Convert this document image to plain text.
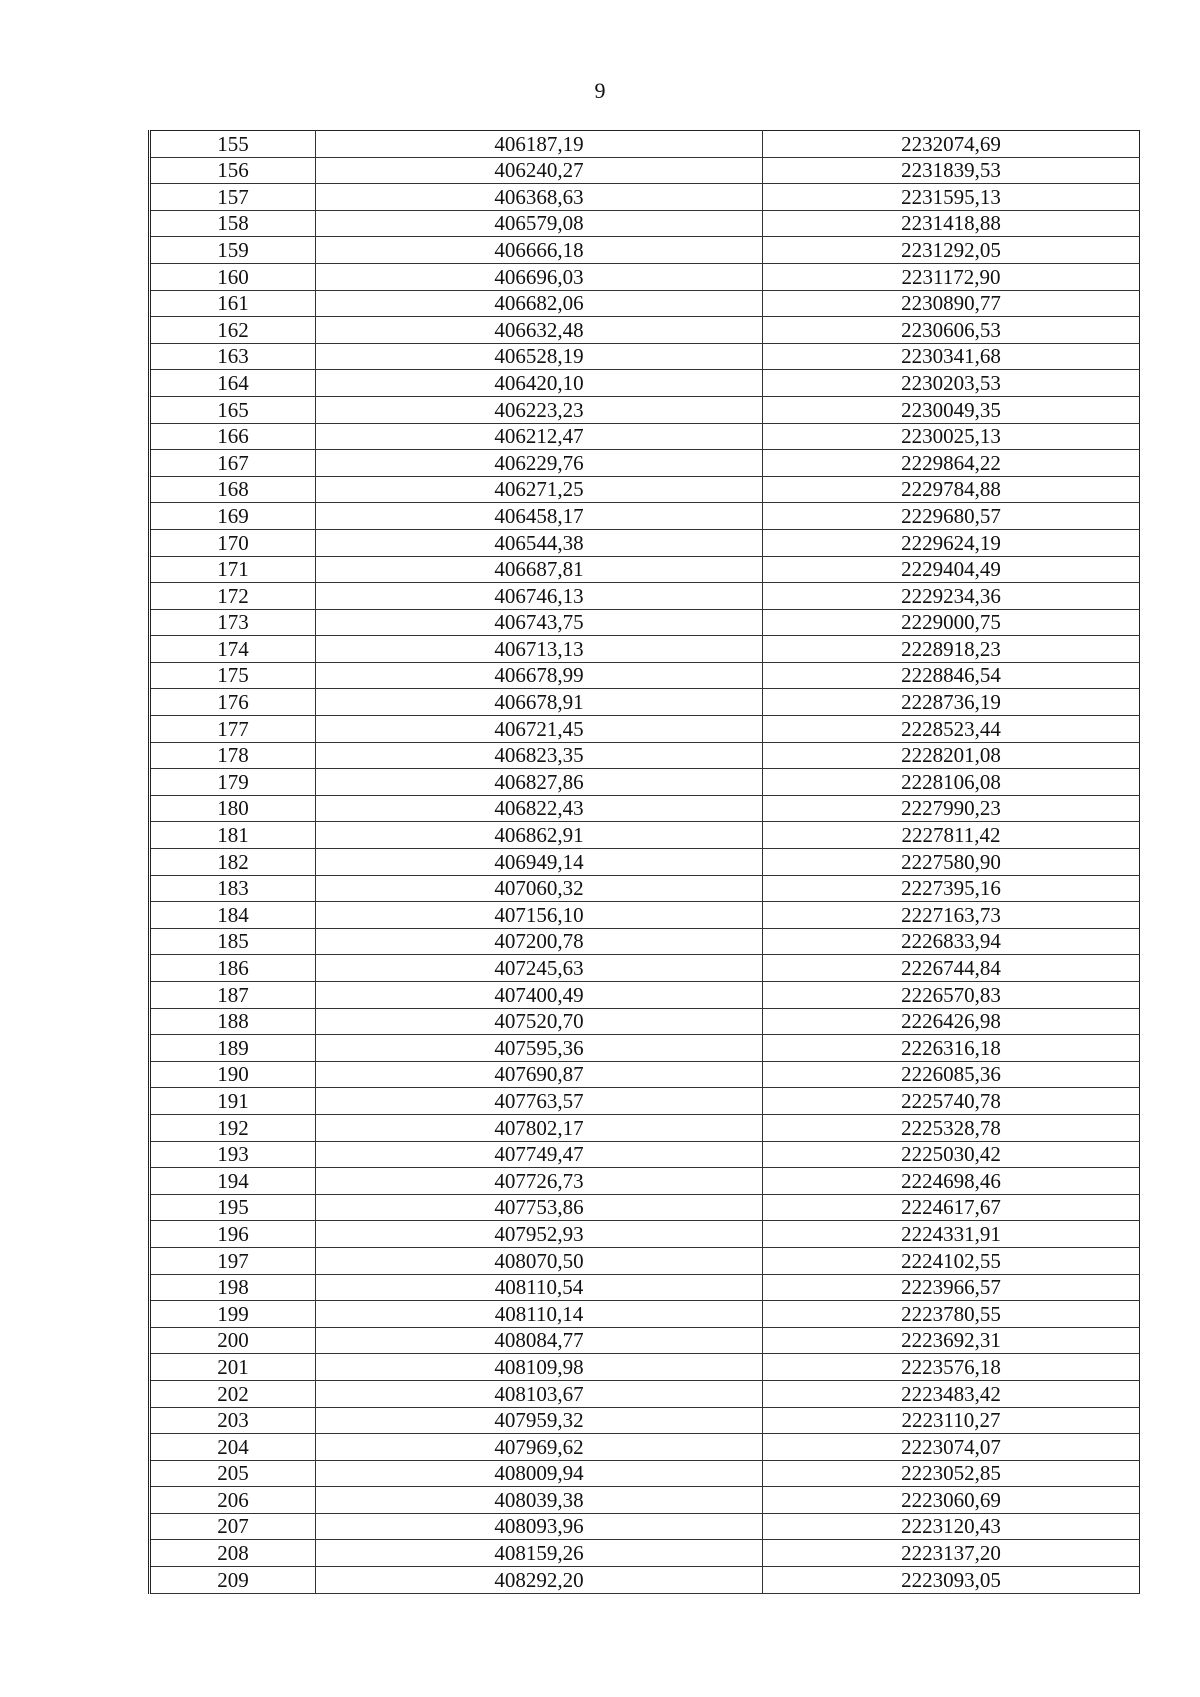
9
155	406187,19	2232074,69
156	406240,27	2231839,53
157	406368,63	2231595,13
158	406579,08	2231418,88
159	406666,18	2231292,05
160	406696,03	2231172,90
161	406682,06	2230890,77
162	406632,48	2230606,53
163	406528,19	2230341,68
164	406420,10	2230203,53
165	406223,23	2230049,35
166	406212,47	2230025,13
167	406229,76	2229864,22
168	406271,25	2229784,88
169	406458,17	2229680,57
170	406544,38	2229624,19
171	406687,81	2229404,49
172	406746,13	2229234,36
173	406743,75	2229000,75
174	406713,13	2228918,23
175	406678,99	2228846,54
176	406678,91	2228736,19
177	406721,45	2228523,44
178	406823,35	2228201,08
179	406827,86	2228106,08
180	406822,43	2227990,23
181	406862,91	2227811,42
182	406949,14	2227580,90
183	407060,32	2227395,16
184	407156,10	2227163,73
185	407200,78	2226833,94
186	407245,63	2226744,84
187	407400,49	2226570,83
188	407520,70	2226426,98
189	407595,36	2226316,18
190	407690,87	2226085,36
191	407763,57	2225740,78
192	407802,17	2225328,78
193	407749,47	2225030,42
194	407726,73	2224698,46
195	407753,86	2224617,67
196	407952,93	2224331,91
197	408070,50	2224102,55
198	408110,54	2223966,57
199	408110,14	2223780,55
200	408084,77	2223692,31
201	408109,98	2223576,18
202	408103,67	2223483,42
203	407959,32	2223110,27
204	407969,62	2223074,07
205	408009,94	2223052,85
206	408039,38	2223060,69
207	408093,96	2223120,43
208	408159,26	2223137,20
209	408292,20	2223093,05
